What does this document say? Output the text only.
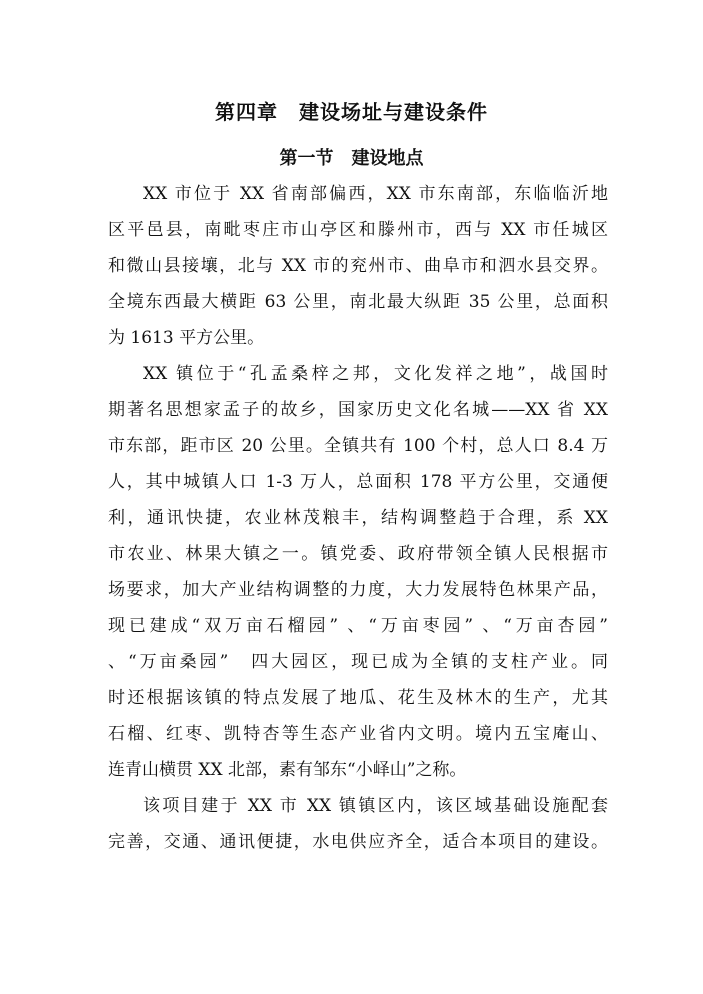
第四章　建设场址与建设条件
第一节　建设地点
XX 市位于 XX 省南部偏西，XX 市东南部，东临临沂地
区平邑县，南毗枣庄市山亭区和滕州市，西与 XX 市任城区
和微山县接壤，北与 XX 市的兖州市、曲阜市和泗水县交界。
全境东西最大横距 63 公里，南北最大纵距 35 公里，总面积
为 1613 平方公里。
XX 镇位于“孔孟桑梓之邦，文化发祥之地”，战国时
期著名思想家孟子的故乡，国家历史文化名城——XX 省 XX
市东部，距市区 20 公里。全镇共有 100 个村，总人口 8.4 万
人，其中城镇人口 1-3 万人，总面积 178 平方公里，交通便
利，通讯快捷，农业林茂粮丰，结构调整趋于合理，系 XX
市农业、林果大镇之一。镇党委、政府带领全镇人民根据市
场要求，加大产业结构调整的力度，大力发展特色林果产品，
现已建成“双万亩石榴园” 、“万亩枣园” 、“万亩杏园”
、“万亩桑园”　四大园区，现已成为全镇的支柱产业。同
时还根据该镇的特点发展了地瓜、花生及林木的生产，尤其
石榴、红枣、凯特杏等生态产业省内文明。境内五宝庵山、
连青山横贯 XX 北部，素有邹东“小峄山”之称。
该项目建于 XX 市 XX 镇镇区内，该区域基础设施配套
完善，交通、通讯便捷，水电供应齐全，适合本项目的建设。
